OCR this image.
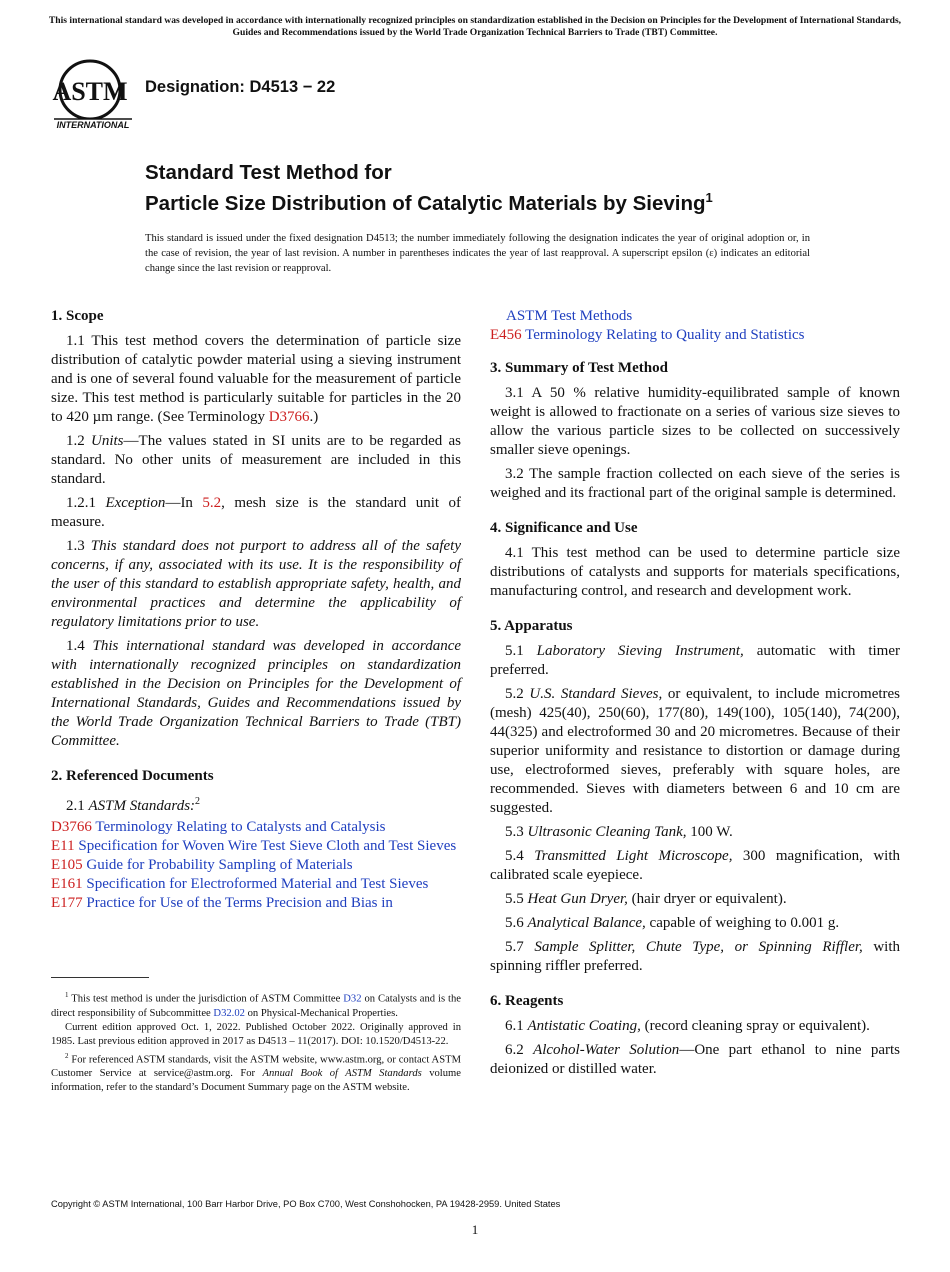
This international standard was developed in accordance with internationally recognized principles on standardization established in the Decision on Principles for the Development of International Standards, Guides and Recommendations issued by the World Trade Organization Technical Barriers to Trade (TBT) Committee.
ASTM
INTERNATIONAL
Designation: D4513 − 22
Standard Test Method for
Particle Size Distribution of Catalytic Materials by Sieving$^1$
This standard is issued under the fixed designation D4513; the number immediately following the designation indicates the year of original adoption or, in the case of revision, the year of last revision. A number in parentheses indicates the year of last reapproval. A superscript epsilon (ε) indicates an editorial change since the last revision or reapproval.
1. Scope

1.1 This test method covers the determination of particle size distribution of catalytic powder material using a sieving instrument and is one of several found valuable for the measurement of particle size. This test method is particularly suitable for particles in the 20 to 420 µm range. (See Terminology D3766.)

1.2 Units—The values stated in SI units are to be regarded as standard. No other units of measurement are included in this standard.

1.2.1 Exception—In 5.2, mesh size is the standard unit of measure.

1.3 This standard does not purport to address all of the safety concerns, if any, associated with its use. It is the responsibility of the user of this standard to establish appropriate safety, health, and environmental practices and determine the applicability of regulatory limitations prior to use.

1.4 This international standard was developed in accordance with internationally recognized principles on standardization established in the Decision on Principles for the Development of International Standards, Guides and Recommendations issued by the World Trade Organization Technical Barriers to Trade (TBT) Committee.

2. Referenced Documents

2.1 ASTM Standards:$^2$

D3766 Terminology Relating to Catalysts and Catalysis
E11 Specification for Woven Wire Test Sieve Cloth and Test Sieves
E105 Guide for Probability Sampling of Materials
E161 Specification for Electroformed Material and Test Sieves
E177 Practice for Use of the Terms Precision and Bias in

$^1$ This test method is under the jurisdiction of ASTM Committee D32 on Catalysts and is the direct responsibility of Subcommittee D32.02 on Physical-Mechanical Properties.

Current edition approved Oct. 1, 2022. Published October 2022. Originally approved in 1985. Last previous edition approved in 2017 as D4513 – 11(2017). DOI: 10.1520/D4513-22.

$^2$ For referenced ASTM standards, visit the ASTM website, www.astm.org, or contact ASTM Customer Service at service@astm.org. For Annual Book of ASTM Standards volume information, refer to the standard’s Document Summary page on the ASTM website.

ASTM Test Methods
E456 Terminology Relating to Quality and Statistics
3. Summary of Test Method

3.1 A 50 % relative humidity-equilibrated sample of known weight is allowed to fractionate on a series of various size sieves to allow the various particle sizes to be collected on successively smaller sieve openings.

3.2 The sample fraction collected on each sieve of the series is weighed and its fractional part of the original sample is determined.

4. Significance and Use

4.1 This test method can be used to determine particle size distributions of catalysts and supports for materials specifications, manufacturing control, and research and development work.

5. Apparatus

5.1 Laboratory Sieving Instrument, automatic with timer preferred.

5.2 U.S. Standard Sieves, or equivalent, to include micrometres (mesh) 425(40), 250(60), 177(80), 149(100), 105(140), 74(200), 44(325) and electroformed 30 and 20 micrometres. Because of their superior uniformity and resistance to distortion or damage during use, electroformed sieves, preferably with square holes, are recommended. Sieves with diameters between 6 and 10 cm are suggested.

5.3 Ultrasonic Cleaning Tank, 100 W.

5.4 Transmitted Light Microscope, 300 magnification, with calibrated scale eyepiece.

5.5 Heat Gun Dryer, (hair dryer or equivalent).

5.6 Analytical Balance, capable of weighing to 0.001 g.

5.7 Sample Splitter, Chute Type, or Spinning Riffler, with spinning riffler preferred.

6. Reagents

6.1 Antistatic Coating, (record cleaning spray or equivalent).

6.2 Alcohol-Water Solution—One part ethanol to nine parts deionized or distilled water.

Copyright © ASTM International, 100 Barr Harbor Drive, PO Box C700, West Conshohocken, PA 19428-2959. United States
1
